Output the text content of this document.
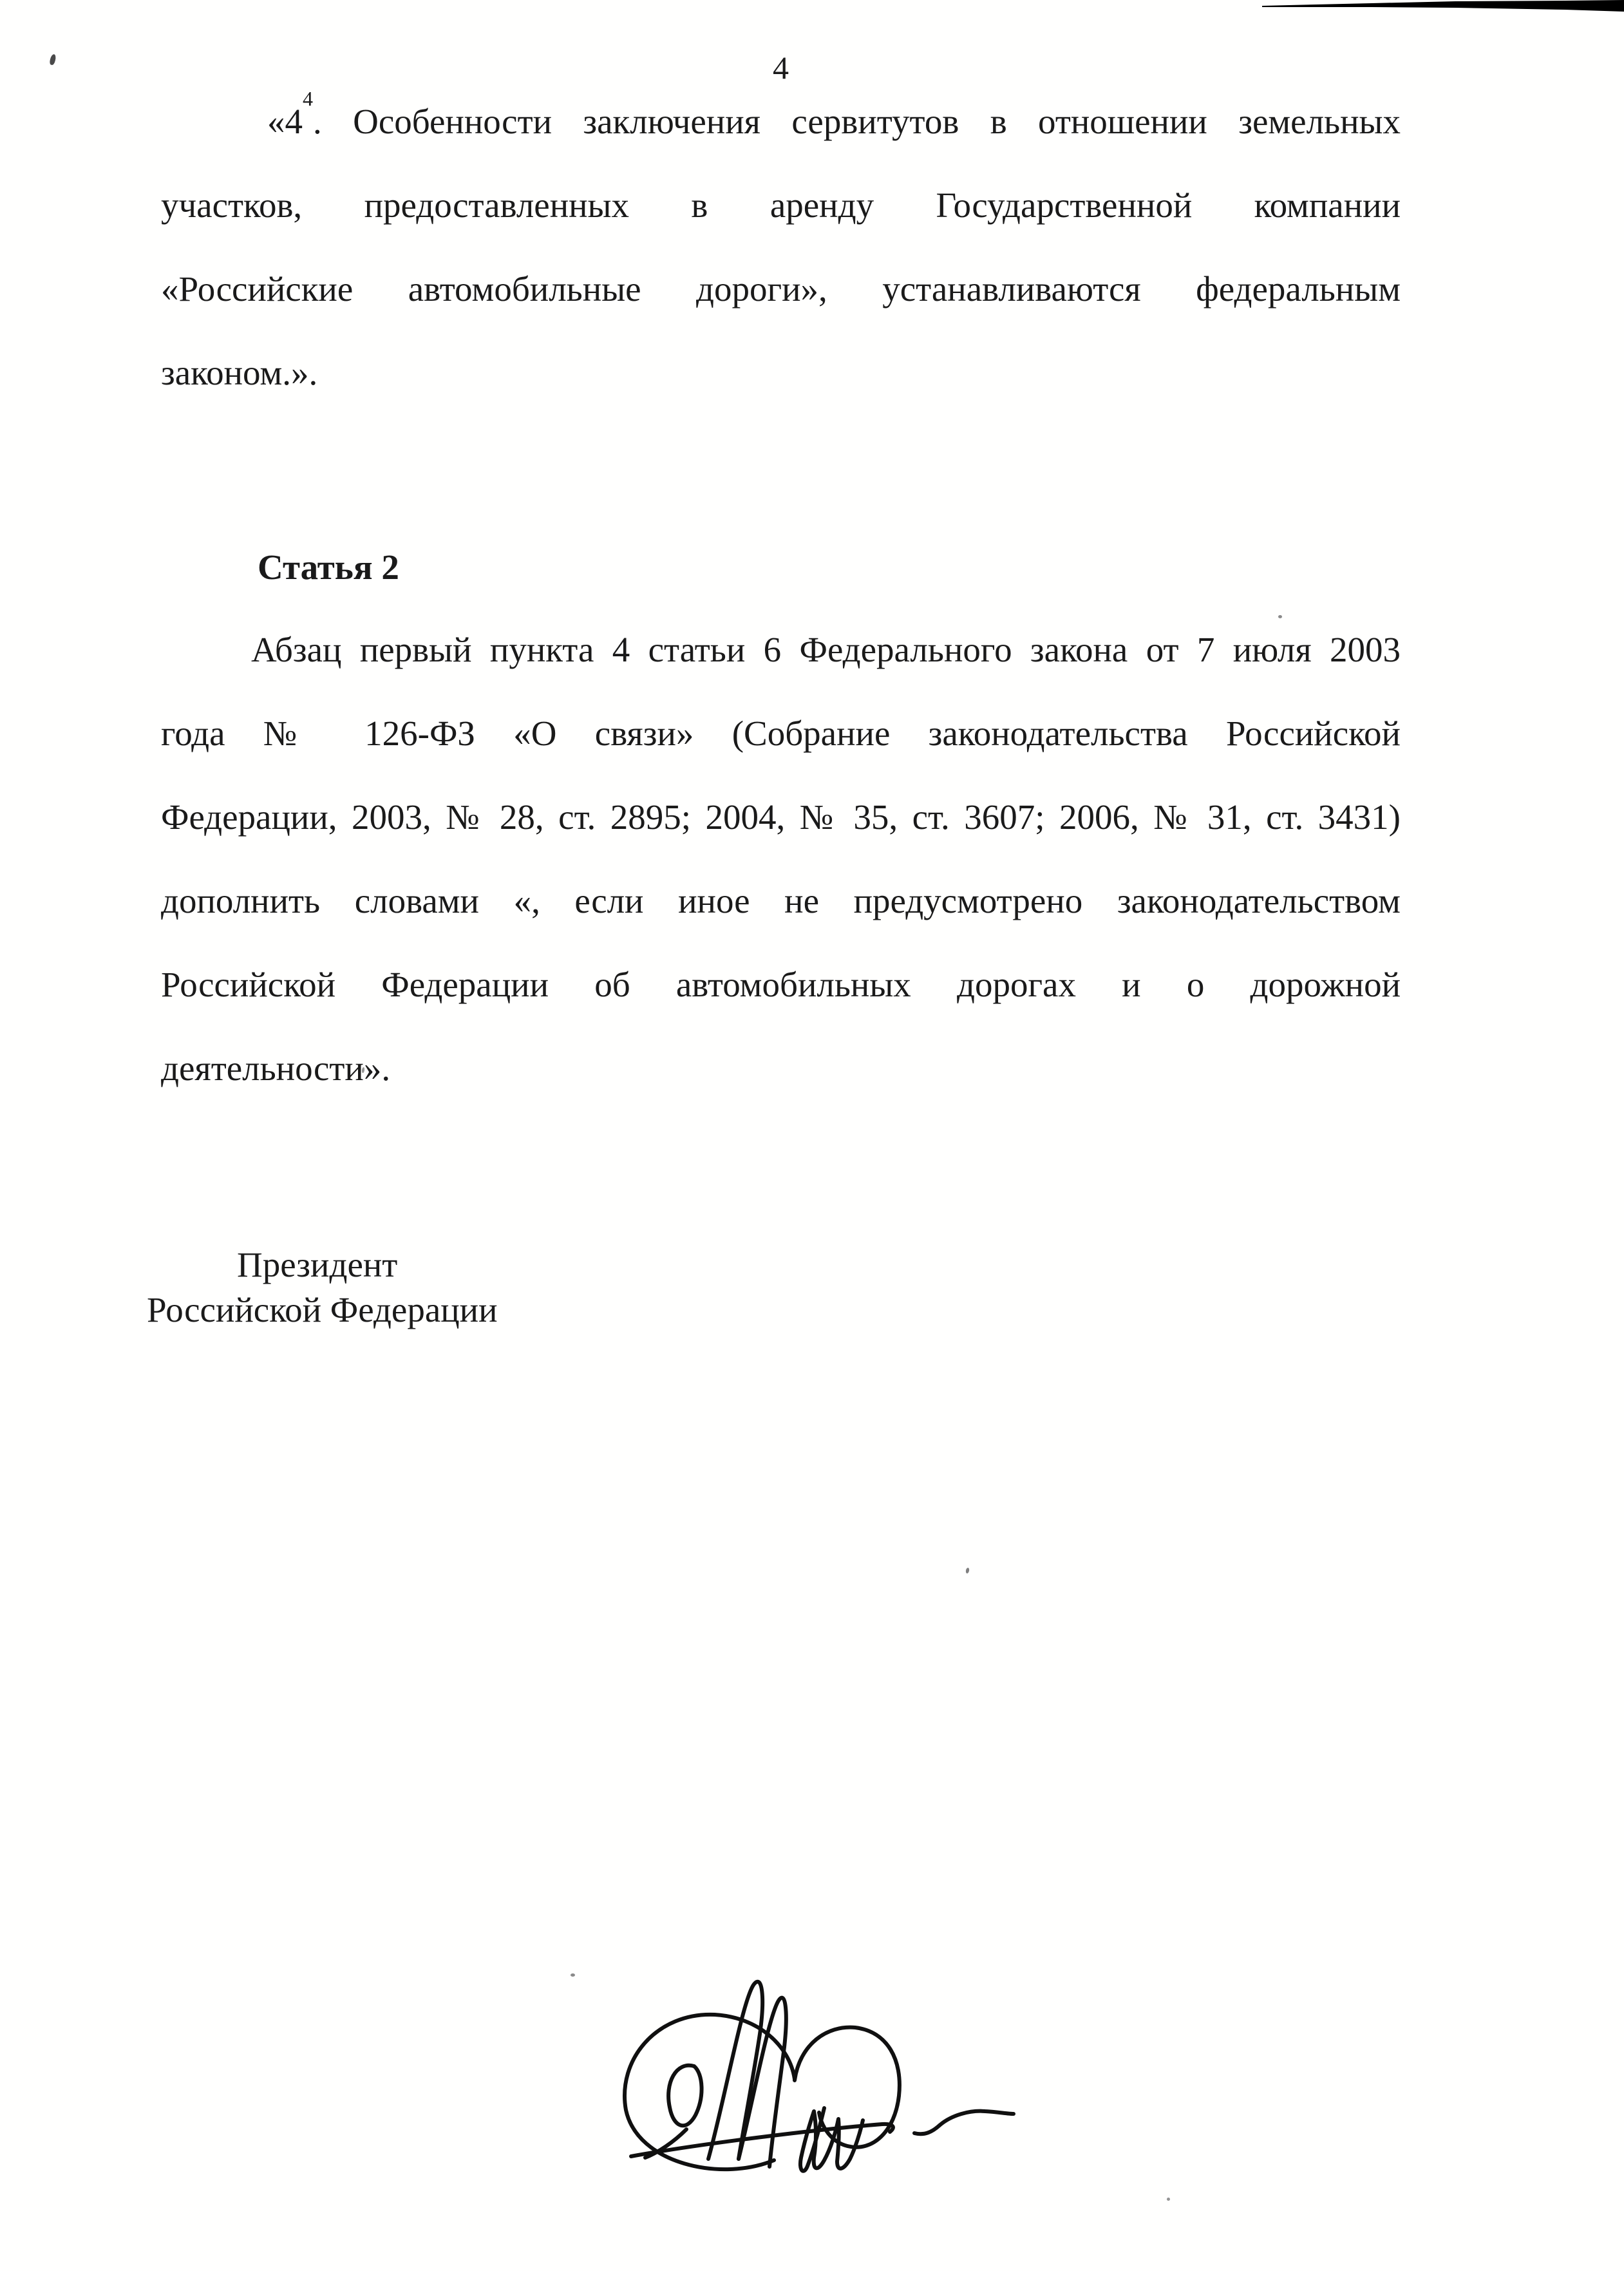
4
«4$^4$. Особенности заключения сервитутов в отношении земельных
участков, предоставленных в аренду Государственной компании
«Российские автомобильные дороги», устанавливаются федеральным
законом.».
Статья 2
Абзац первый пункта 4 статьи 6 Федерального закона от 7 июля 2003
года № 126-ФЗ «О связи» (Собрание законодательства Российской
Федерации, 2003, № 28, ст. 2895; 2004, № 35, ст. 3607; 2006, № 31, ст. 3431)
дополнить словами «, если иное не предусмотрено законодательством
Российской Федерации об автомобильных дорогах и о дорожной
деятельности».
Президент
Российской Федерации
